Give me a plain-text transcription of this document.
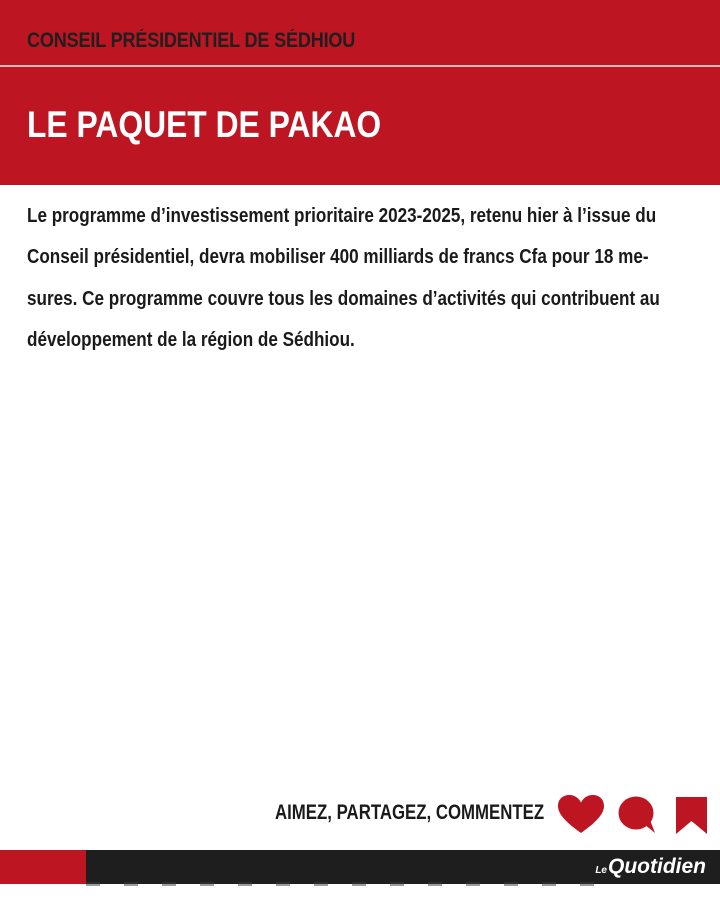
CONSEIL PRÉSIDENTIEL DE SÉDHIOU
LE PAQUET DE PAKAO
Le programme d’investissement prioritaire 2023-2025, retenu hier à l’issue du
Conseil présidentiel, devra mobiliser 400 milliards de francs Cfa pour 18 me-
sures. Ce programme couvre tous les domaines d’activités qui contribuent au
développement de la région de Sédhiou.
AIMEZ, PARTAGEZ, COMMENTEZ
LeQuotidien
